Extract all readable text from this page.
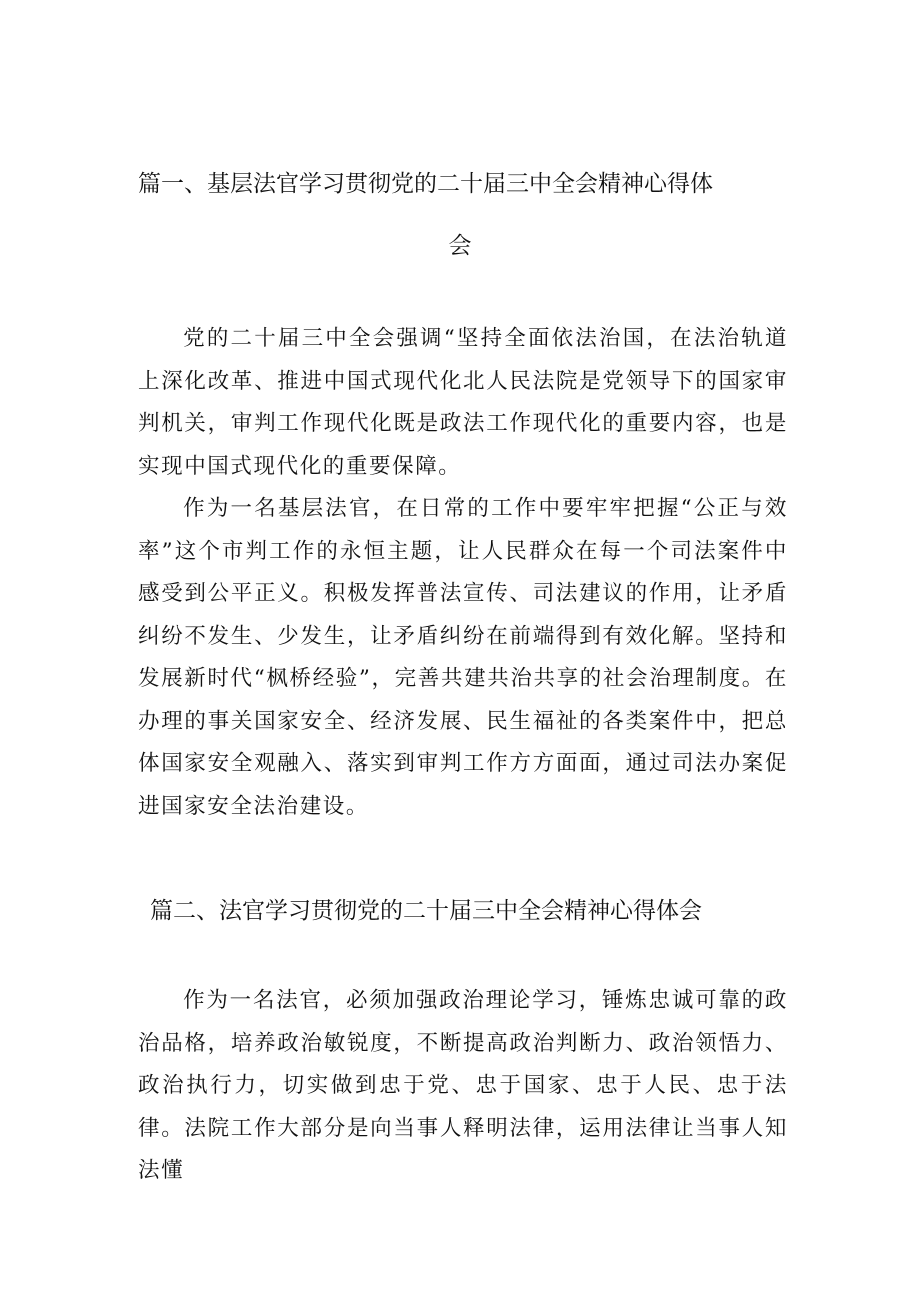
篇一、基层法官学习贯彻党的二十届三中全会精神心得体
会

党的二十届三中全会强调“坚持全面依法治国，在法治轨道上深化改革、推进中国式现代化北人民法院是党领导下的国家审判机关，审判工作现代化既是政法工作现代化的重要内容，也是实现中国式现代化的重要保障。

作为一名基层法官，在日常的工作中要牢牢把握“公正与效率”这个市判工作的永恒主题，让人民群众在每一个司法案件中感受到公平正义。积极发挥普法宣传、司法建议的作用，让矛盾纠纷不发生、少发生，让矛盾纠纷在前端得到有效化解。坚持和发展新时代“枫桥经验”，完善共建共治共享的社会治理制度。在办理的事关国家安全、经济发展、民生福祉的各类案件中，把总体国家安全观融入、落实到审判工作方方面面，通过司法办案促进国家安全法治建设。

篇二、法官学习贯彻党的二十届三中全会精神心得体会

作为一名法官，必须加强政治理论学习，锤炼忠诚可靠的政治品格，培养政治敏锐度，不断提高政治判断力、政治领悟力、政治执行力，切实做到忠于党、忠于国家、忠于人民、忠于法律。法院工作大部分是向当事人释明法律，运用法律让当事人知法懂
